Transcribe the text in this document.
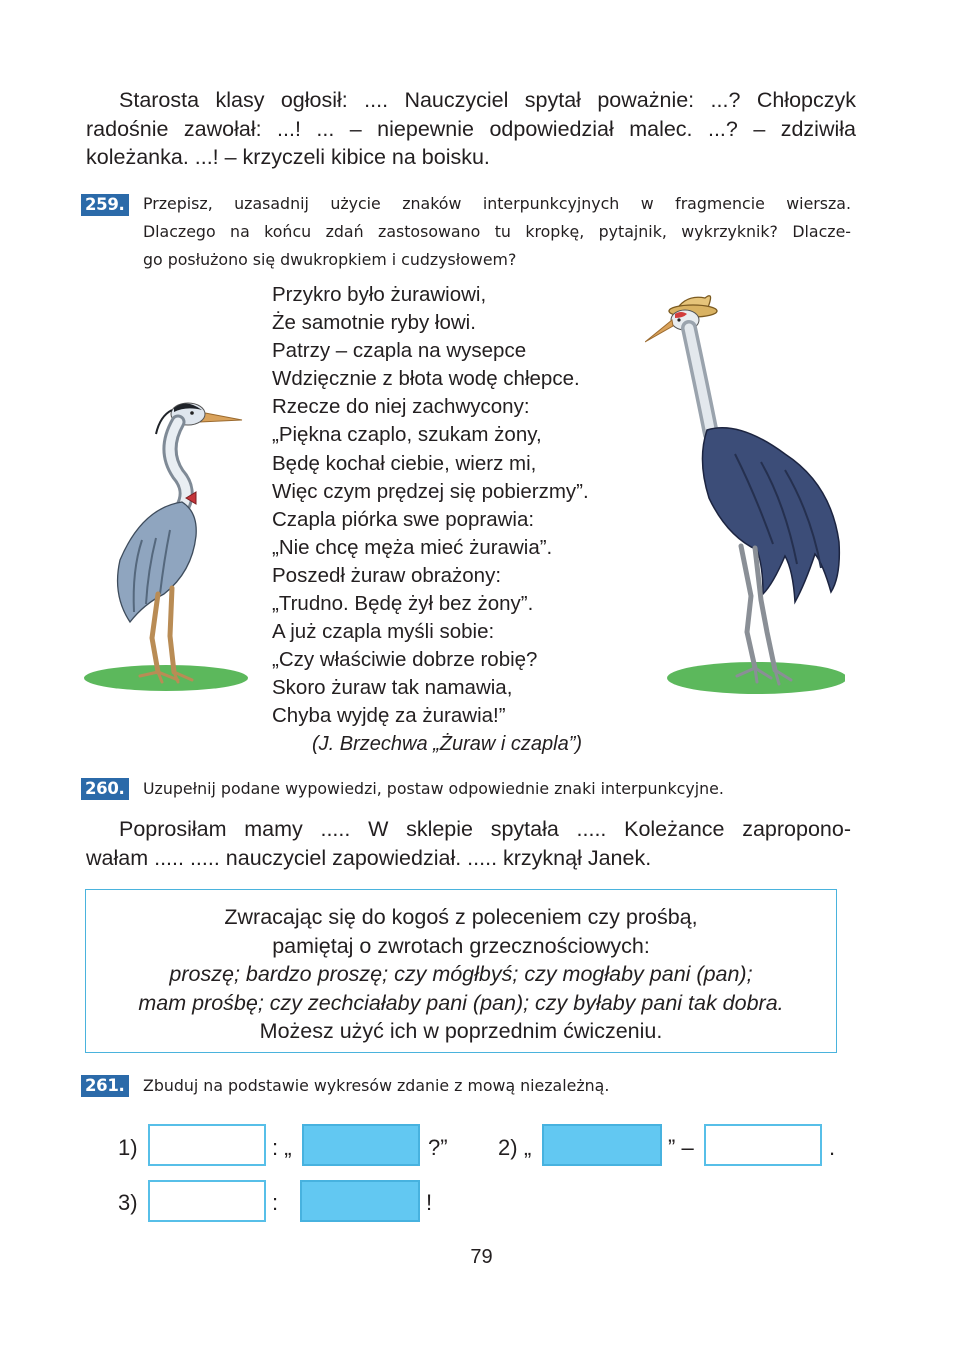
Starosta klasy ogłosił: .... Nauczyciel spytał poważnie: ...? Chłopczyk
radośnie zawołał: ...! ... – niepewnie odpowiedział malec. ...? – zdziwiła
koleżanka. ...! – krzyczeli kibice na boisku.
259. Przepisz, uzasadnij użycie znaków interpunkcyjnych w fragmencie wiersza.
Dlaczego na końcu zdań zastosowano tu kropkę, pytajnik, wykrzyknik? Dlacze-
go posłużono się dwukropkiem i cudzysłowem?
Przykro było żurawiowi,
Że samotnie ryby łowi.
Patrzy – czapla na wysepce
Wdzięcznie z błota wodę chłepce.
Rzecze do niej zachwycony:
„Piękna czaplo, szukam żony,
Będę kochał ciebie, wierz mi,
Więc czym prędzej się pobierzmy”.
Czapla piórka swe poprawia:
„Nie chcę męża mieć żurawia”.
Poszedł żuraw obrażony:
„Trudno. Będę żył bez żony”.
A już czapla myśli sobie:
„Czy właściwie dobrze robię?
Skoro żuraw tak namawia,
Chyba wyjdę za żurawia!”
(J. Brzechwa „Żuraw i czapla”)
260. Uzupełnij podane wypowiedzi, postaw odpowiednie znaki interpunkcyjne.
Poprosiłam mamy ..... W sklepie spytała ..... Koleżance zapropono-
wałam ..... ..... nauczyciel zapowiedział. ..... krzyknął Janek.
Zwracając się do kogoś z poleceniem czy prośbą,
pamiętaj o zwrotach grzecznościowych:
proszę; bardzo proszę; czy mógłbyś; czy mogłaby pani (pan);
mam prośbę; czy zechciałaby pani (pan); czy byłaby pani tak dobra.
Możesz użyć ich w poprzednim ćwiczeniu.
261. Zbuduj na podstawie wykresów zdanie z mową niezależną.
1)	: „	?” 2) „	” –	.
3)	:	!
79
